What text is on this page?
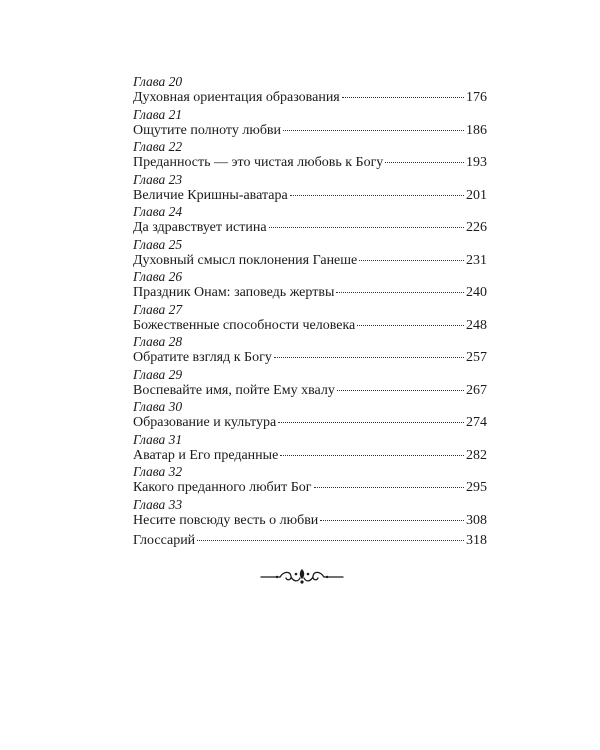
Глава 20
Духовная ориентация образования	176
Глава 21
Ощутите полноту любви	186
Глава 22
Преданность — это чистая любовь к Богу	193
Глава 23
Величие Кришны-аватара	201
Глава 24
Да здравствует истина	226
Глава 25
Духовный смысл поклонения Ганеше	231
Глава 26
Праздник Онам: заповедь жертвы	240
Глава 27
Божественные способности человека	248
Глава 28
Обратите взгляд к Богу	257
Глава 29
Воспевайте имя, пойте Ему хвалу	267
Глава 30
Образование и культура	274
Глава 31
Аватар и Его преданные	282
Глава 32
Какого преданного любит Бог	295
Глава 33
Несите повсюду весть о любви	308
Глоссарий	318
